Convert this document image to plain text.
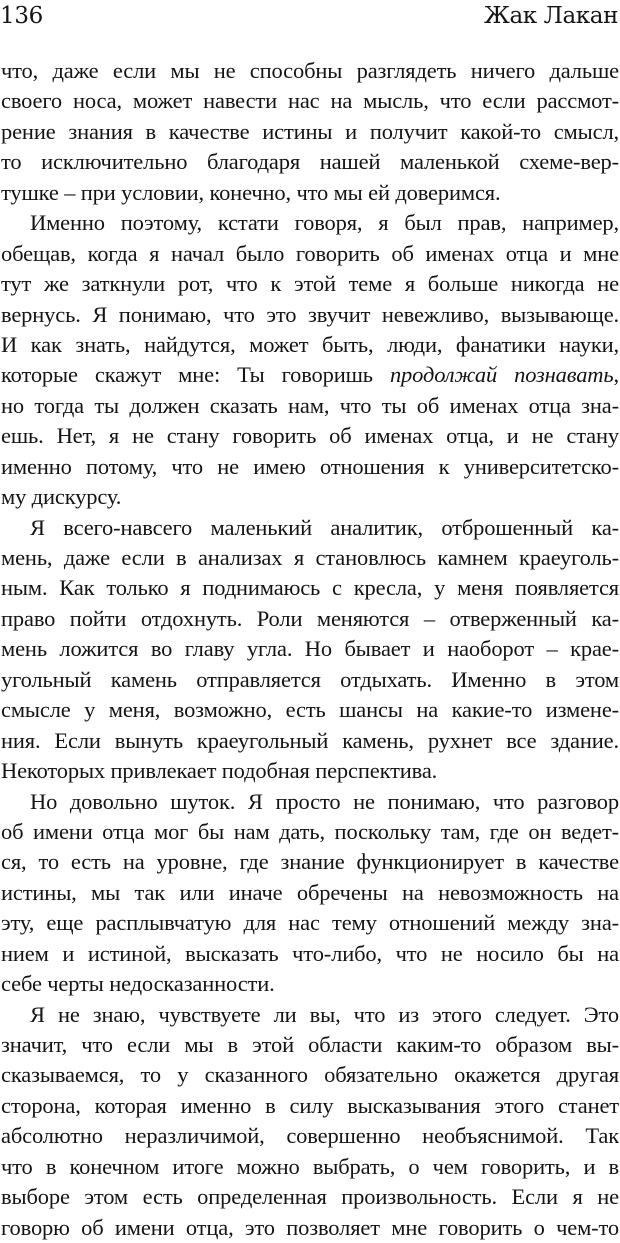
136	Жак Лакан
что, даже если мы не способны разглядеть ничего дальше
своего носа, может навести нас на мысль, что если рассмот-
рение знания в качестве истины и получит какой-то смысл,
то исключительно благодаря нашей маленькой схеме-вер-
тушке – при условии, конечно, что мы ей доверимся.
Именно поэтому, кстати говоря, я был прав, например,
обещав, когда я начал было говорить об именах отца и мне
тут же заткнули рот, что к этой теме я больше никогда не
вернусь. Я понимаю, что это звучит невежливо, вызывающе.
И как знать, найдутся, может быть, люди, фанатики науки,
которые скажут мне: Ты говоришь продолжай познавать,
но тогда ты должен сказать нам, что ты об именах отца зна-
ешь. Нет, я не стану говорить об именах отца, и не стану
именно потому, что не имею отношения к университетско-
му дискурсу.
Я всего-навсего маленький аналитик, отброшенный ка-
мень, даже если в анализах я становлюсь камнем краеуголь-
ным. Как только я поднимаюсь с кресла, у меня появляется
право пойти отдохнуть. Роли меняются – отверженный ка-
мень ложится во главу угла. Но бывает и наоборот – крае-
угольный камень отправляется отдыхать. Именно в этом
смысле у меня, возможно, есть шансы на какие-то измене-
ния. Если вынуть краеугольный камень, рухнет все здание.
Некоторых привлекает подобная перспектива.
Но довольно шуток. Я просто не понимаю, что разговор
об имени отца мог бы нам дать, поскольку там, где он ведет-
ся, то есть на уровне, где знание функционирует в качестве
истины, мы так или иначе обречены на невозможность на
эту, еще расплывчатую для нас тему отношений между зна-
нием и истиной, высказать что-либо, что не носило бы на
себе черты недосказанности.
Я не знаю, чувствуете ли вы, что из этого следует. Это
значит, что если мы в этой области каким-то образом вы-
сказываемся, то у сказанного обязательно окажется другая
сторона, которая именно в силу высказывания этого станет
абсолютно неразличимой, совершенно необъяснимой. Так
что в конечном итоге можно выбрать, о чем говорить, и в
выборе этом есть определенная произвольность. Если я не
говорю об имени отца, это позволяет мне говорить о чем-то
